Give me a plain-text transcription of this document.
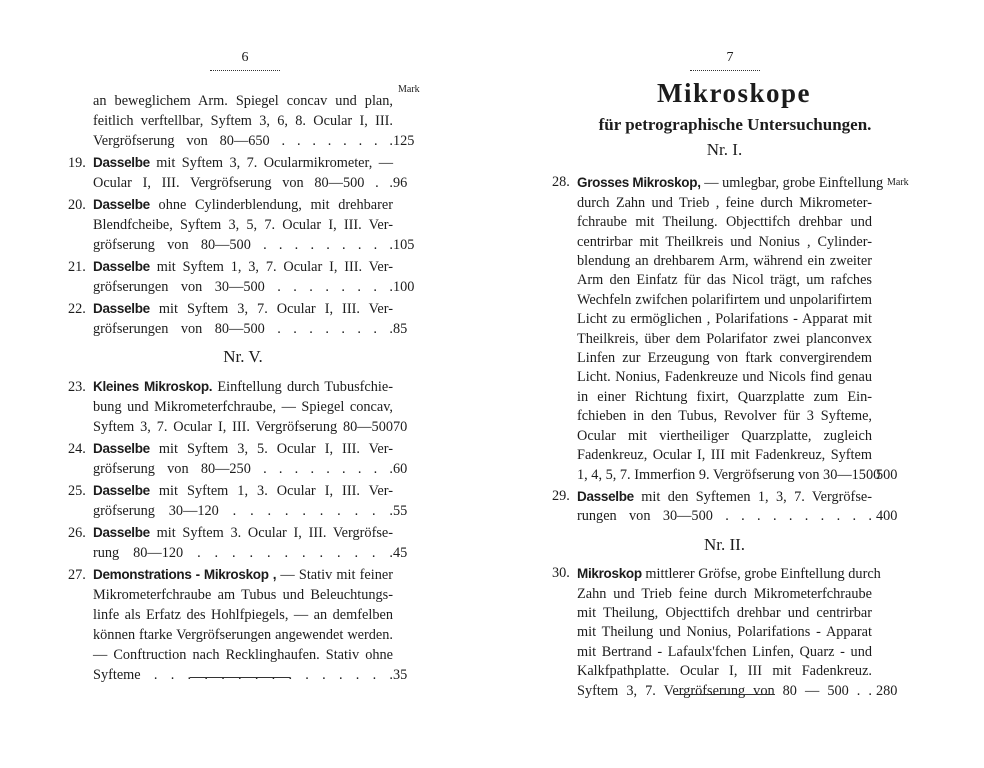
6
Mark
an beweglichem Arm. Spiegel concav und plan,
feitlich verftellbar, Syftem 3, 6, 8. Ocular I, III.
Vergröfserung von 80—650 . . . . . . . . 125
19. Dasselbe mit Syftem 3, 7. Ocularmikrometer, —
Ocular I, III. Vergröfserung von 80—500 . . 96
20. Dasselbe ohne Cylinderblendung, mit drehbarer
Blendfcheibe, Syftem 3, 5, 7. Ocular I, III. Ver-
gröfserung von 80—500 . . . . . . . . . 105
21. Dasselbe mit Syftem 1, 3, 7. Ocular I, III. Ver-
gröfserungen von 30—500 . . . . . . . . 100
22. Dasselbe mit Syftem 3, 7. Ocular I, III. Ver-
gröfserungen von 80—500 . . . . . . . . 85
Nr. V.
23. Kleines Mikroskop. Einftellung durch Tubusfchie-
bung und Mikrometerfchraube, — Spiegel concav,
Syftem 3, 7. Ocular I, III. Vergröfserung 80—500 70
24. Dasselbe mit Syftem 3, 5. Ocular I, III. Ver-
gröfserung von 80—250 . . . . . . . . . 60
25. Dasselbe mit Syftem 1, 3. Ocular I, III. Ver-
gröfserung 30—120 . . . . . . . . . . 55
26. Dasselbe mit Syftem 3. Ocular I, III. Vergröfse-
rung 80—120 . . . . . . . . . . . . 45
27. Demonstrations - Mikroskop , — Stativ mit feiner
Mikrometerfchraube am Tubus und Beleuchtungs-
linfe als Erfatz des Hohlfpiegels, — an demfelben
können ftarke Vergröfserungen angewendet werden.
— Conftruction nach Recklinghaufen. Stativ ohne
Syfteme . . . . . . . . . . . . . . . 35
7
Mikroskope
für petrographische Untersuchungen.
Mark
Nr. I.
28. Grosses Mikroskop, — umlegbar, grobe Einftellung
durch Zahn und Trieb , feine durch Mikrometer-
fchraube mit Theilung. Objecttifch drehbar und
centrirbar mit Theilkreis und Nonius , Cylinder-
blendung an drehbarem Arm, während ein zweiter
Arm den Einfatz für das Nicol trägt, um rafches
Wechfeln zwifchen polarifirtem und unpolarifirtem
Licht zu ermöglichen , Polarifations - Apparat mit
Theilkreis, über dem Polarifator zwei planconvex
Linfen zur Erzeugung von ftark convergirendem
Licht. Nonius, Fadenkreuze und Nicols find genau
in einer Richtung fixirt, Quarzplatte zum Ein-
fchieben in den Tubus, Revolver für 3 Syfteme,
Ocular mit viertheiliger Quarzplatte, zugleich
Fadenkreuz, Ocular I, III mit Fadenkreuz, Syftem
1, 4, 5, 7. Immerfion 9. Vergröfserung von 30—1500
500
29. Dasselbe mit den Syftemen 1, 3, 7. Vergröfse-
rungen von 30—500 . . . . . . . . . . 400
Nr. II.
30. Mikroskop mittlerer Gröfse, grobe Einftellung durch
Zahn und Trieb feine durch Mikrometerfchraube
mit Theilung, Objecttifch drehbar und centrirbar
mit Theilung und Nonius, Polarifations - Apparat
mit Bertrand - Lafaulx'fchen Linfen, Quarz - und
Kalkfpathplatte. Ocular I, III mit Fadenkreuz.
Syftem 3, 7. Vergröfserung von 80 — 500 . . 280
